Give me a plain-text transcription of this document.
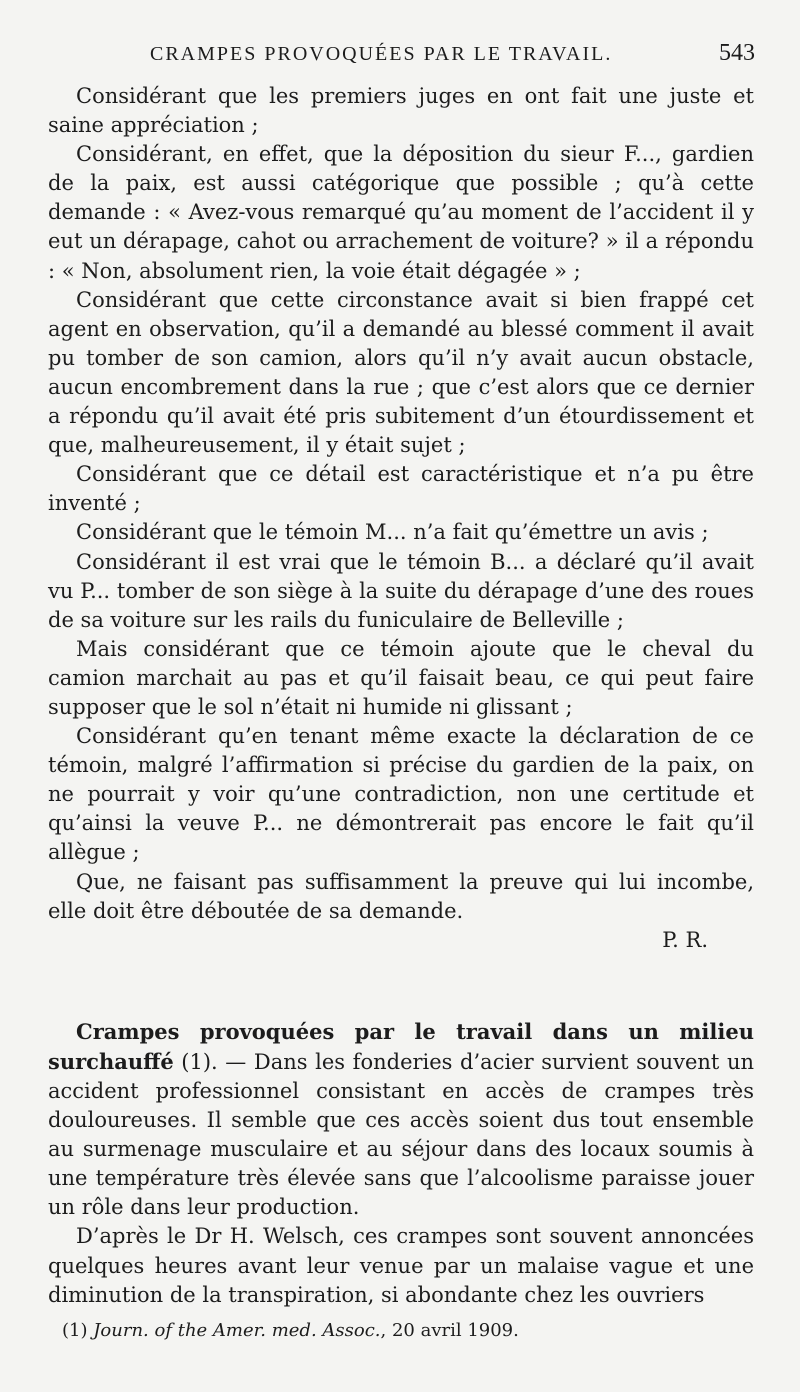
CRAMPES PROVOQUÉES PAR LE TRAVAIL.	543

Considérant que les premiers juges en ont fait une juste et saine appréciation ;

Considérant, en effet, que la déposition du sieur F..., gardien de la paix, est aussi catégorique que possible ; qu’à cette demande : « Avez-vous remarqué qu’au moment de l’accident il y eut un dérapage, cahot ou arrachement de voiture? » il a répondu : « Non, absolument rien, la voie était dégagée » ;

Considérant que cette circonstance avait si bien frappé cet agent en observation, qu’il a demandé au blessé comment il avait pu tomber de son camion, alors qu’il n’y avait aucun obstacle, aucun encombrement dans la rue ; que c’est alors que ce dernier a répondu qu’il avait été pris subitement d’un étourdissement et que, malheureusement, il y était sujet ;

Considérant que ce détail est caractéristique et n’a pu être inventé ;

Considérant que le témoin M... n’a fait qu’émettre un avis ;

Considérant il est vrai que le témoin B... a déclaré qu’il avait vu P... tomber de son siège à la suite du dérapage d’une des roues de sa voiture sur les rails du funiculaire de Belleville ;

Mais considérant que ce témoin ajoute que le cheval du camion marchait au pas et qu’il faisait beau, ce qui peut faire supposer que le sol n’était ni humide ni glissant ;

Considérant qu’en tenant même exacte la déclaration de ce témoin, malgré l’affirmation si précise du gardien de la paix, on ne pourrait y voir qu’une contradiction, non une certitude et qu’ainsi la veuve P... ne démontrerait pas encore le fait qu’il allègue ;

Que, ne faisant pas suffisamment la preuve qui lui incombe, elle doit être déboutée de sa demande.

P. R.

Crampes provoquées par le travail dans un milieu surchauffé (1). — Dans les fonderies d’acier survient souvent un accident professionnel consistant en accès de crampes très douloureuses. Il semble que ces accès soient dus tout ensemble au surmenage musculaire et au séjour dans des locaux soumis à une température très élevée sans que l’alcoolisme paraisse jouer un rôle dans leur production.

D’après le Dr H. Welsch, ces crampes sont souvent annoncées quelques heures avant leur venue par un malaise vague et une diminution de la transpiration, si abondante chez les ouvriers

(1) Journ. of the Amer. med. Assoc., 20 avril 1909.
